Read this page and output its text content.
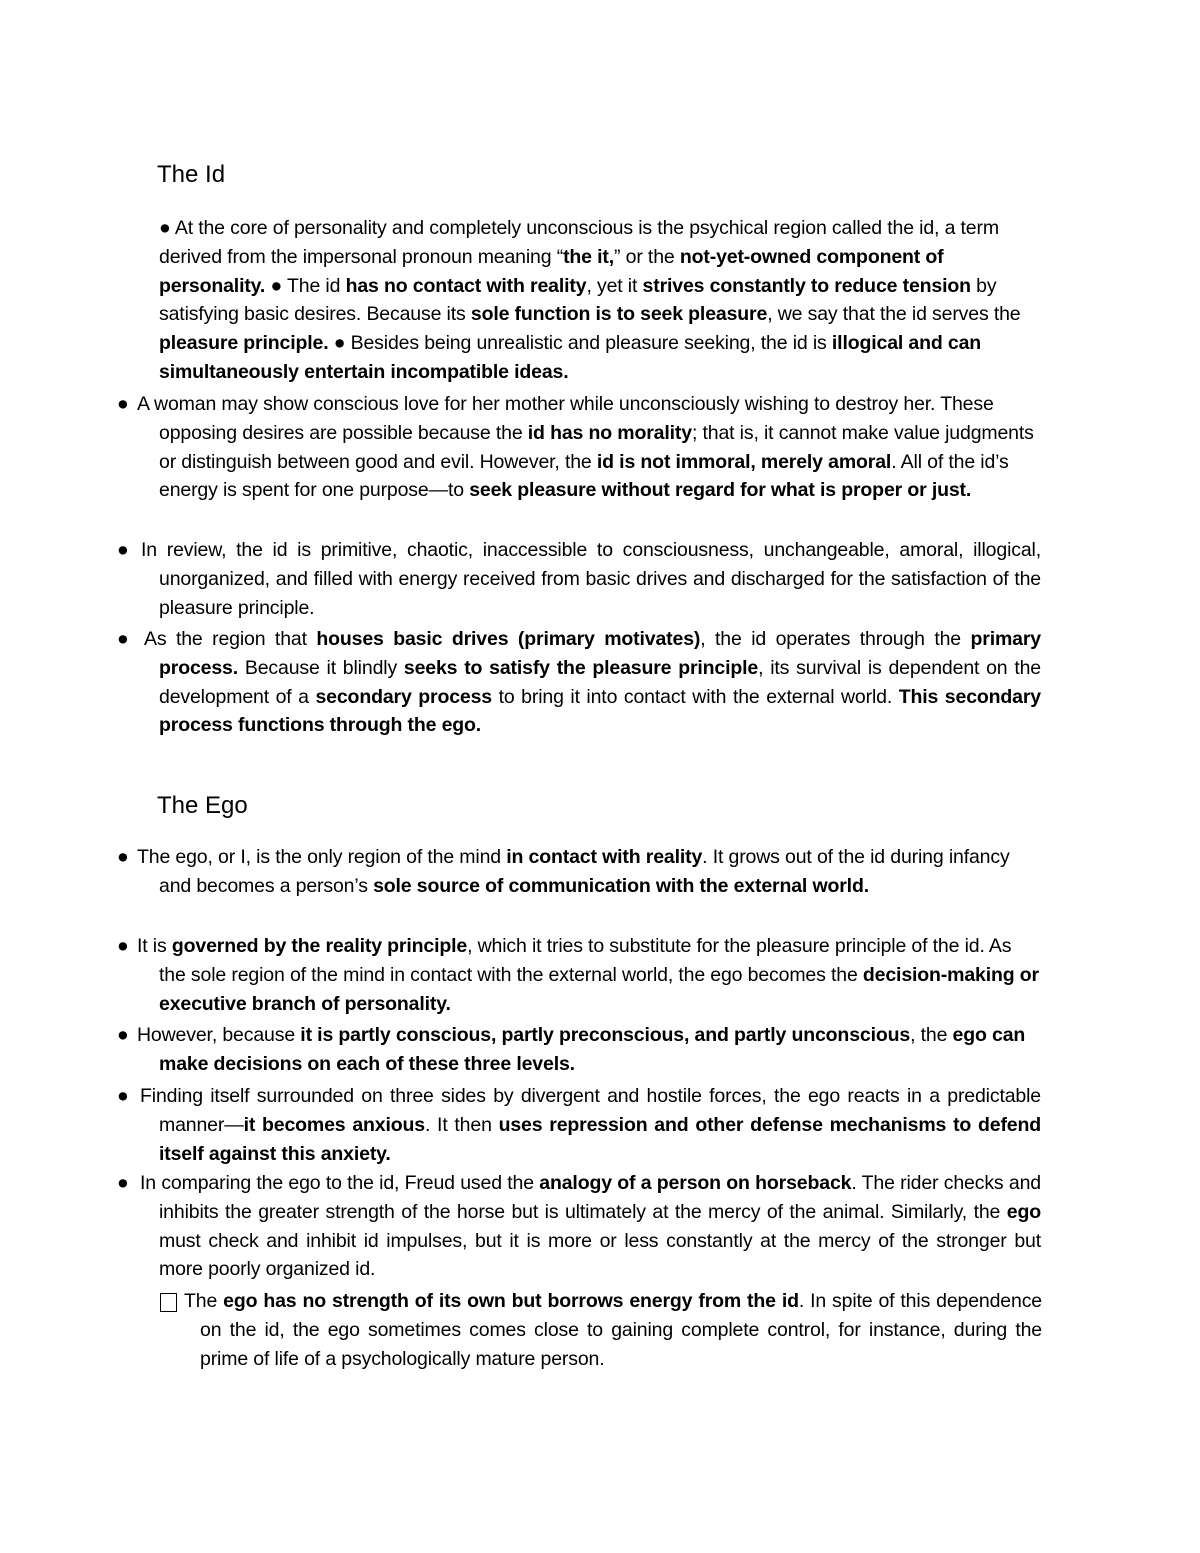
The Id

● At the core of personality and completely unconscious is the psychical region called the id, a term derived from the impersonal pronoun meaning “the it,” or the not-yet-owned component of personality. ● The id has no contact with reality, yet it strives constantly to reduce tension by satisfying basic desires. Because its sole function is to seek pleasure, we say that the id serves the pleasure principle. ● Besides being unrealistic and pleasure seeking, the id is illogical and can simultaneously entertain incompatible ideas.

● A woman may show conscious love for her mother while unconsciously wishing to destroy her. These opposing desires are possible because the id has no morality; that is, it cannot make value judgments or distinguish between good and evil. However, the id is not immoral, merely amoral. All of the id’s energy is spent for one purpose—to seek pleasure without regard for what is proper or just.

● In review, the id is primitive, chaotic, inaccessible to consciousness, unchangeable, amoral, illogical, unorganized, and filled with energy received from basic drives and discharged for the satisfaction of the pleasure principle.

● As the region that houses basic drives (primary motivates), the id operates through the primary process. Because it blindly seeks to satisfy the pleasure principle, its survival is dependent on the development of a secondary process to bring it into contact with the external world. This secondary process functions through the ego.

The Ego
● The ego, or I, is the only region of the mind in contact with reality. It grows out of the id during infancy and becomes a person’s sole source of communication with the external world.

● It is governed by the reality principle, which it tries to substitute for the pleasure principle of the id. As the sole region of the mind in contact with the external world, the ego becomes the decision-making or executive branch of personality.

● However, because it is partly conscious, partly preconscious, and partly unconscious, the ego can make decisions on each of these three levels.

● Finding itself surrounded on three sides by divergent and hostile forces, the ego reacts in a predictable manner—it becomes anxious. It then uses repression and other defense mechanisms to defend itself against this anxiety.

● In comparing the ego to the id, Freud used the analogy of a person on horseback. The rider checks and inhibits the greater strength of the horse but is ultimately at the mercy of the animal. Similarly, the ego must check and inhibit id impulses, but it is more or less constantly at the mercy of the stronger but more poorly organized id.

The ego has no strength of its own but borrows energy from the id. In spite of this dependence on the id, the ego sometimes comes close to gaining complete control, for instance, during the prime of life of a psychologically mature person.
